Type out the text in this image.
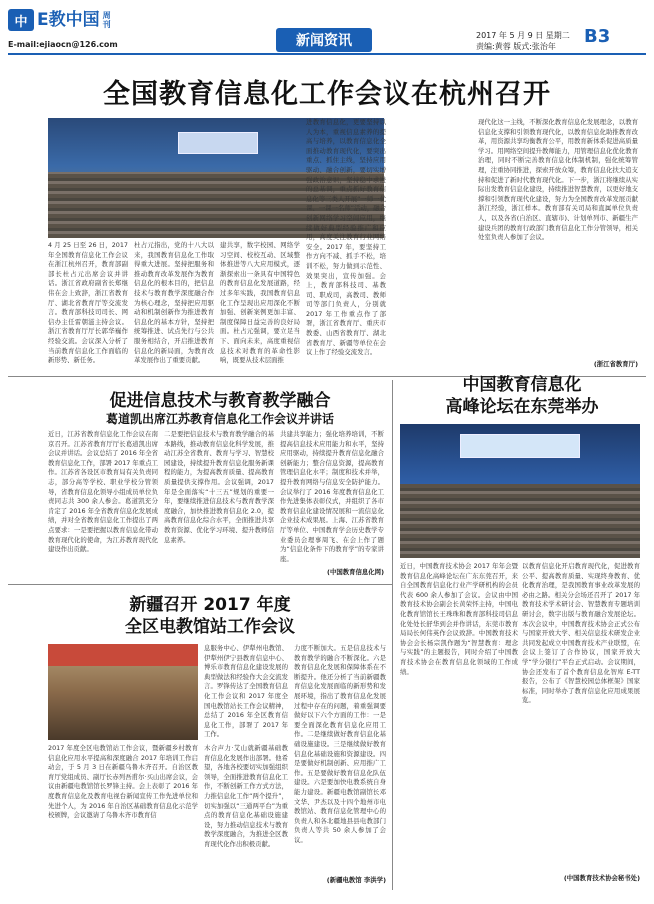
中 E教中国 周刊
E-mail:ejiaocn@126.com	新闻资讯	2017 年 5 月 9 日 星期二
责编:黄蓉 版式:张治年	B3
全国教育信息化工作会议在杭州召开
4 月 25 日至 26 日，2017 年全国教育信息化工作会议在浙江杭州召开，教育部副部长杜占元出席会议并讲话。浙江省政府副省长郑继伟在会上致辞，浙江省教育厅、湖北省教育厅等交流发言。教育部科技司司长、网信办主任雷朝滋主持会议。浙江省教育厅厅长郭华巍作经验交流。会议深入分析了当前教育信息化工作面临的新形势、新任务。
杜占元指出，党的十八大以来，我国教育信息化工作取得重大进展。坚持把服务和推动教育改革发展作为教育信息化的根本目的，把信息技术与教育教学深度融合作为核心理念，坚持把应用驱动和机制创新作为推进教育信息化的基本方针，坚持把统筹推进、试点先行与公共服务相结合，开启推进教育信息化的新局面，为教育改革发展作出了重要贡献。
建共享，数字校园、网络学习空间、校校互动、区域整体推进等八大应用模式，逐渐探索出一条具有中国特色的教育信息化发展道路，经过多年实践，我国教育信息化工作呈现出应用深化不断加强、创新案例更加丰富、制度保障日益完善的良好局面。杜占元强调，要立足当下、面向未来，高度重视信息技术对教育的革命性影响，既要从技术层面推
进教育信息化，更要坚持以人为本，重视信息素养的提高与培养，以教育信息化全面推动教育现代化，要突出重点、抓住主线，坚持应用驱动、融合创新，要切实增强政治意识，坚持稳中求进的总基调，重点抓好教育信息化等三类人开展“一师一优课、一课一名师”活动，融合创新网络学习空间应用，继续做好典型经验推广和应用，高度关注教育行业网络安全。2017 年，要坚持工作方向不减、抓手不松，培训不松，努力做到示范性、效果突出，宣传加强。会上，教育部科技司、基教司、职成司，高教司、教师司等部门负责人，分别就 2017 年工作重点作了部署，浙江省教育厅、重庆市教委、山西省教育厅、湖北省教育厅、新疆等单位在会议上作了经验交流发言。
现代化这一主线，不断深化教育信息化发展理念，以教育信息化支撑和引领教育现代化，以教育信息化助推教育改革，用资源共享均衡教育公平，用教育新体系促进高质量学习。用网络空间提升教师能力，用管理信息化优化教育治理，同时不断完善教育信息化体制机制，强化统筹管理，注重协同推进，探索开放众筹，教育信息化扶大追支持和促进了新时代教育现代化。下一步，浙江将继续从实际出发教育信息化建设，持续推进智慧教育，以更好地支撑和引领教育现代化建设，努力为全国教育改革发展贡献浙江经验，浙江样本。教育部有关司局和直属单位负责人，以及各省(自治区、直辖市)、计划单列市、新疆生产建设兵团的教育行政部门教育信息化工作分管领导，相关处室负责人参加了会议。
(浙江省教育厅)
促进信息技术与教育教学融合
葛道凯出席江苏教育信息化工作会议并讲话
近日，江苏省教育信息化工作会议在南京召开。江苏省教育厅厅长葛道凯出席会议并讲话。会议总结了 2016 年全省教育信息化工作，部署 2017 年重点工作。江苏省各设区市教育局有关负责同志，部分高等学校、职业学校分管领导，省教育信息化领导小组成员单位负责同志共 300 余人参会。葛道凯充分肯定了 2016 年全省教育信息化发展成绩，并对全省教育信息化工作提出了两点要求：一是要把握以教育信息化带动教育现代化的使命，为江苏教育现代化建设作出贡献。
二是要把信息技术与教育教学融合的基本路线，推动教育信息化科学发展，推动江苏全省教育、教育与学习、智慧校园建设，持续提升教育信息化服务新课程的能力，为提高教育质量、提高教育质量提供支撑作用。会议强调，2017 年是全面落实“十三五”规划的重要一年，要继续推进信息技术与教育教学深度融合，加快推进教育信息化 2.0，提高教育信息化综合水平，全面推进共享教育资源、优化学习环境、提升教师信息素养。
共建共享能力；强化培养培训，不断提高信息技术应用能力和水平，坚持应用驱动，持续提升教育信息化融合创新能力；整合信息资源，提高教育管理信息化水平；制度和技术并举，提升教育网络与信息安全防护能力。会议举行了 2016 年度教育信息化工作先进集体表彰仪式，并组织了各市教育信息化建设情况展和一流信息化企业技术成果展。上海、江苏省教育厅等单位、中国教育学会历史教学专业委员会理事周飞、在会上作了题为“信息化条件下的教育学”的专家讲座。
(中国教育信息化网)
中国教育信息化
高峰论坛在东莞举办
近日，中国教育技术协会 2017 年年会暨教育信息化高峰论坛在广东东莞召开，来自全国教育信息化行业产学研机构的会员代表 600 余人参加了会议。会议由中国教育技术协会副会长黄荣怀主持，中国电化教育馆馆长王珠珠和教育部科技司信息化处处长舒华到会并作讲话，东莞市教育局局长何伟英作会议致辞。中国教育技术协会会长杨宗凯作题为“智慧教育：理念与实践”的主题报告，同时介绍了中国教育技术协会在教育信息化领域的工作成绩。
以教育信息化开启教育现代化，促进教育公平、提高教育质量、实现终身教育、优化教育治理，是我国教育事业改革发展的必由之路。相关分会场还召开了 2017 年教育技术学术研讨会、智慧教育专题培训研讨会，数字出版与教育融合发展论坛。本次会议中，中国教育技术协会正式公布与国家开放大学、相关信息技术研发企业共同发起成立中国教育技术产业联盟，在会议上签订了合作协议，国家开放大学“学分银行”平台正式启动。会议期间，协会还发布了首个教育信息化智库 E-TT 报告，公布了《智慧校园总体框架》国家标准，同时举办了教育信息化应用成果展览。
(中国教育技术协会秘书处)
新疆召开 2017 年度
全区电教馆站工作会议
息服务中心、伊犁州电教馆、伊犁州伊宁县教育信息中心、博乐市教育信息化建设发展的典型做法和经验作大会交流发言。罗锋传达了全国教育信息化工作会议和 2017 年度全国电教馆站长工作会议精神，总结了 2016 年全区教育信息化工作，部署了 2017 年工作。
2017 年度全区电教馆站工作会议，暨新疆乡村教育信息化应用水平提高和深度融合 2017 年培训工作启动会，于 5 月 3 日在新疆乌鲁木齐召开。自治区教育厅党组成员、副厅长赤列吾甫尔·买山出席会议，会议由新疆电教馆馆长罗锋主持。会上表彰了 2016 年度教育信息化及教育电视台新闻宣传工作先进单位和先进个人，为 2016 年自治区基础教育信息化示范学校颁牌，会议邀请了乌鲁木齐市教育信
木合声力·艾山就新疆基础教育信息化发展作出部署。他希望，各地各校要切实加强组织领导，全面推进教育信息化工作，不断创新工作方式方法，力推信息化工作“两个提升”，切实加强以“三通两平台”为重点的教育信息化基础设施建设，努力推动信息技术与教育教学深度融合，为推进全区教育现代化作出积极贡献。
力度不断加大。五是信息技术与教育教学的融合不断深化。六是教育信息化发展和保障体系在不断提升。他还分析了当前新疆教育信息化发展面临的新形势和发展环境，指出了教育信息化发展过程中存在的问题，着重强调要做好以下六个方面的工作：一是要全面深化教育信息化应用工作。二是继续做好教育信息化基础设施建设。三是继续做好教育信息化基础设施和资源建设。四是要做好机制创新、应用推广工作。五是要做好教育信息化队伍建设。六是要加快电教系统自身能力建设。新疆电教馆副馆长邓文华、尹杰以及十四个地州市电教馆站、教育信息化管理中心的负责人和各北疆地县县电教部门负责人等共 50 余人参加了会议。
(新疆电教馆 李洪学)
